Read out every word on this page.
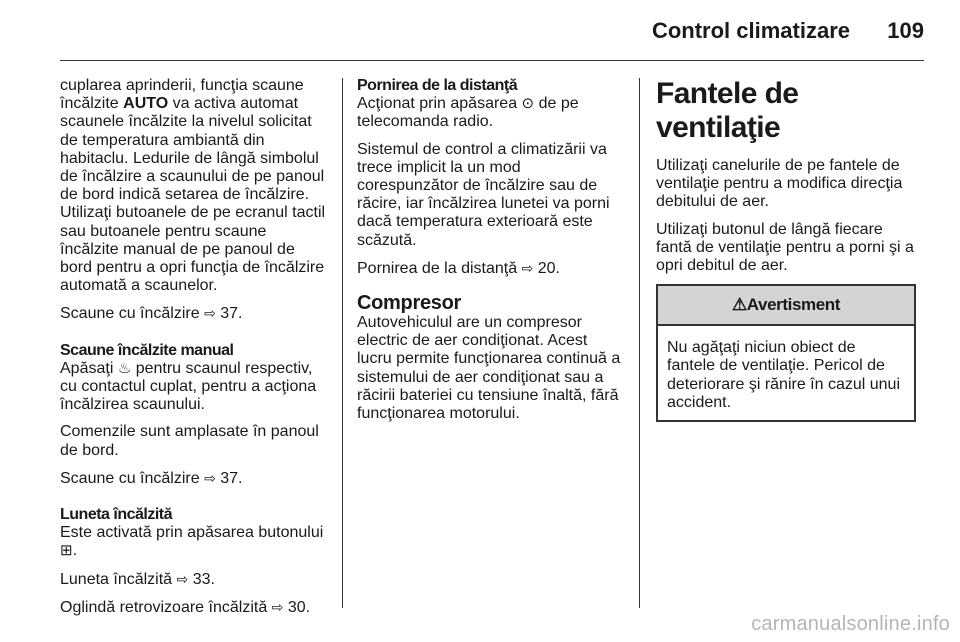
Control climatizare	109

cuplarea aprinderii, funcţia scaune încălzite AUTO va activa automat scaunele încălzite la nivelul solicitat de temperatura ambiantă din habitaclu. Ledurile de lângă simbolul de încălzire a scaunului de pe panoul de bord indică setarea de încălzire. Utilizaţi butoanele de pe ecranul tactil sau butoanele pentru scaune încălzite manual de pe panoul de bord pentru a opri funcţia de încălzire automată a scaunelor.

Scaune cu încălzire ⇨ 37.

Scaune încălzite manual

Apăsaţi ♨ pentru scaunul respectiv, cu contactul cuplat, pentru a acţiona încălzirea scaunului.

Comenzile sunt amplasate în panoul de bord.

Scaune cu încălzire ⇨ 37.

Luneta încălzită

Este activată prin apăsarea butonului ⊞.

Luneta încălzită ⇨ 33.

Oglindă retrovizoare încălzită ⇨ 30.

Pornirea de la distanţă

Acţionat prin apăsarea ⊙ de pe telecomanda radio.

Sistemul de control a climatizării va trece implicit la un mod corespunzător de încălzire sau de răcire, iar încălzirea lunetei va porni dacă temperatura exterioară este scăzută.

Pornirea de la distanţă ⇨ 20.

Compresor

Autovehiculul are un compresor electric de aer condiţionat. Acest lucru permite funcţionarea continuă a sistemului de aer condiţionat sau a răcirii bateriei cu tensiune înaltă, fără funcţionarea motorului.

Fantele de ventilaţie

Utilizaţi canelurile de pe fantele de ventilaţie pentru a modifica direcţia debitului de aer.

Utilizaţi butonul de lângă fiecare fantă de ventilaţie pentru a porni şi a opri debitul de aer.

⚠Avertisment
Nu agăţaţi niciun obiect de fantele de ventilaţie. Pericol de deteriorare şi rănire în cazul unui accident.
carmanualsonline.info
